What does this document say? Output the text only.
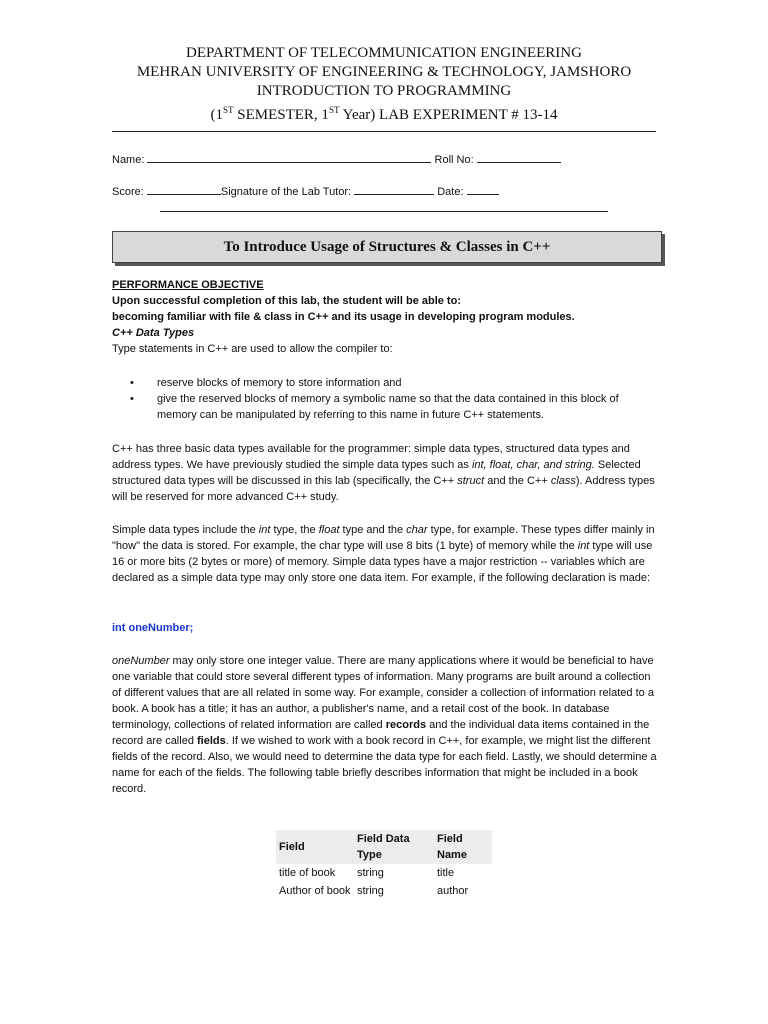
DEPARTMENT OF TELECOMMUNICATION ENGINEERING
MEHRAN UNIVERSITY OF ENGINEERING & TECHNOLOGY, JAMSHORO
INTRODUCTION TO PROGRAMMING
(1ST SEMESTER, 1ST Year) LAB EXPERIMENT # 13-14
Name:	Roll No:
Score:	Signature of the Lab Tutor:	Date:
To Introduce Usage of Structures & Classes in C++

PERFORMANCE OBJECTIVE

Upon successful completion of this lab, the student will be able to:

becoming familiar with file & class in C++ and its usage in developing program modules.

C++ Data Types

Type statements in C++ are used to allow the compiler to:

• reserve blocks of memory to store information and
• give the reserved blocks of memory a symbolic name so that the data contained in this block of memory can be manipulated by referring to this name in future C++ statements.

C++ has three basic data types available for the programmer: simple data types, structured data types and address types. We have previously studied the simple data types such as int, float, char, and string. Selected structured data types will be discussed in this lab (specifically, the C++ struct and the C++ class). Address types will be reserved for more advanced C++ study.

Simple data types include the int type, the float type and the char type, for example. These types differ mainly in "how" the data is stored. For example, the char type will use 8 bits (1 byte) of memory while the int type will use 16 or more bits (2 bytes or more) of memory. Simple data types have a major restriction -- variables which are declared as a simple data type may only store one data item. For example, if the following declaration is made:

int oneNumber;

oneNumber may only store one integer value. There are many applications where it would be beneficial to have one variable that could store several different types of information. Many programs are built around a collection of different values that are all related in some way. For example, consider a collection of information related to a book. A book has a title; it has an author, a publisher's name, and a retail cost of the book. In database terminology, collections of related information are called records and the individual data items contained in the record are called fields. If we wished to work with a book record in C++, for example, we might list the different fields of the record. Also, we would need to determine the data type for each field. Lastly, we should determine a name for each of the fields. The following table briefly describes information that might be included in a book record.

Field	Field Data Type	Field Name
title of book	string	title
Author of book	string	author
